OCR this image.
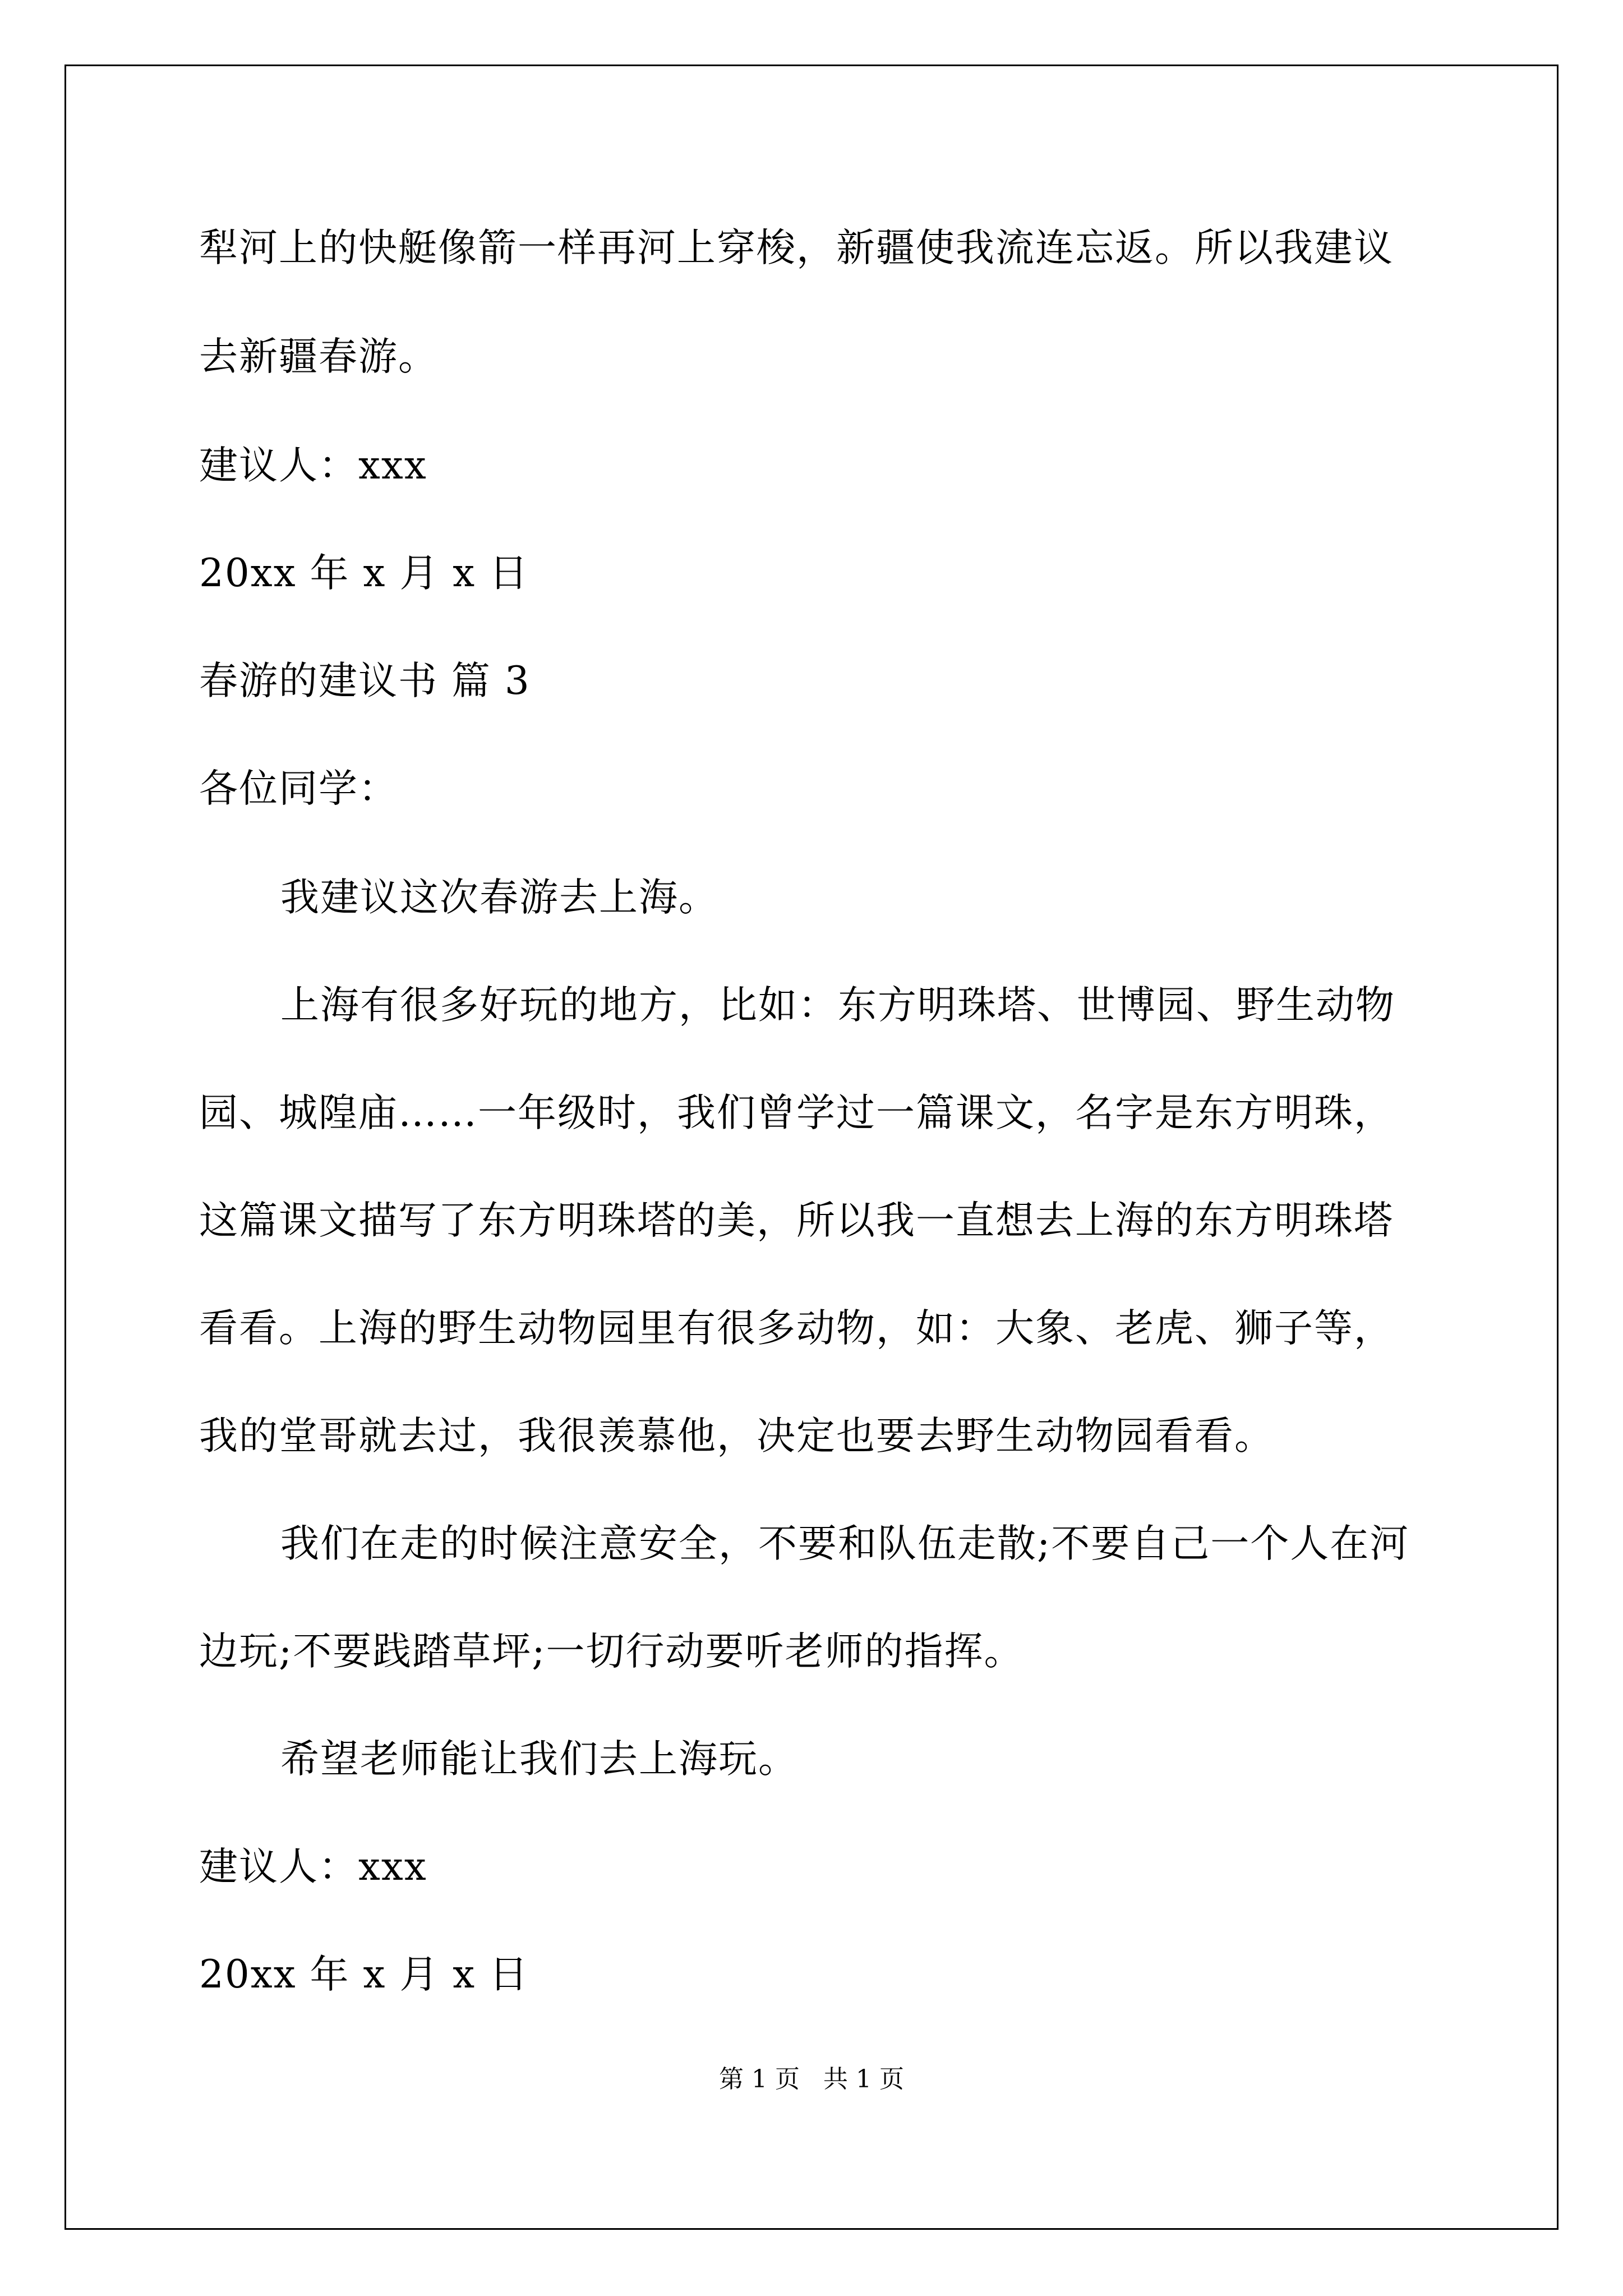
犁河上的快艇像箭一样再河上穿梭，新疆使我流连忘返。所以我建议
去新疆春游。
建议人：xxx
20xx 年 x 月 x 日
春游的建议书 篇 3
各位同学：
我建议这次春游去上海。
上海有很多好玩的地方，比如：东方明珠塔、世博园、野生动物
园、城隍庙……一年级时，我们曾学过一篇课文，名字是东方明珠，
这篇课文描写了东方明珠塔的美，所以我一直想去上海的东方明珠塔
看看。上海的野生动物园里有很多动物，如：大象、老虎、狮子等，
我的堂哥就去过，我很羡慕他，决定也要去野生动物园看看。
我们在走的时候注意安全，不要和队伍走散;不要自己一个人在河
边玩;不要践踏草坪;一切行动要听老师的指挥。
希望老师能让我们去上海玩。
建议人：xxx
20xx 年 x 月 x 日
第 1 页   共 1 页
